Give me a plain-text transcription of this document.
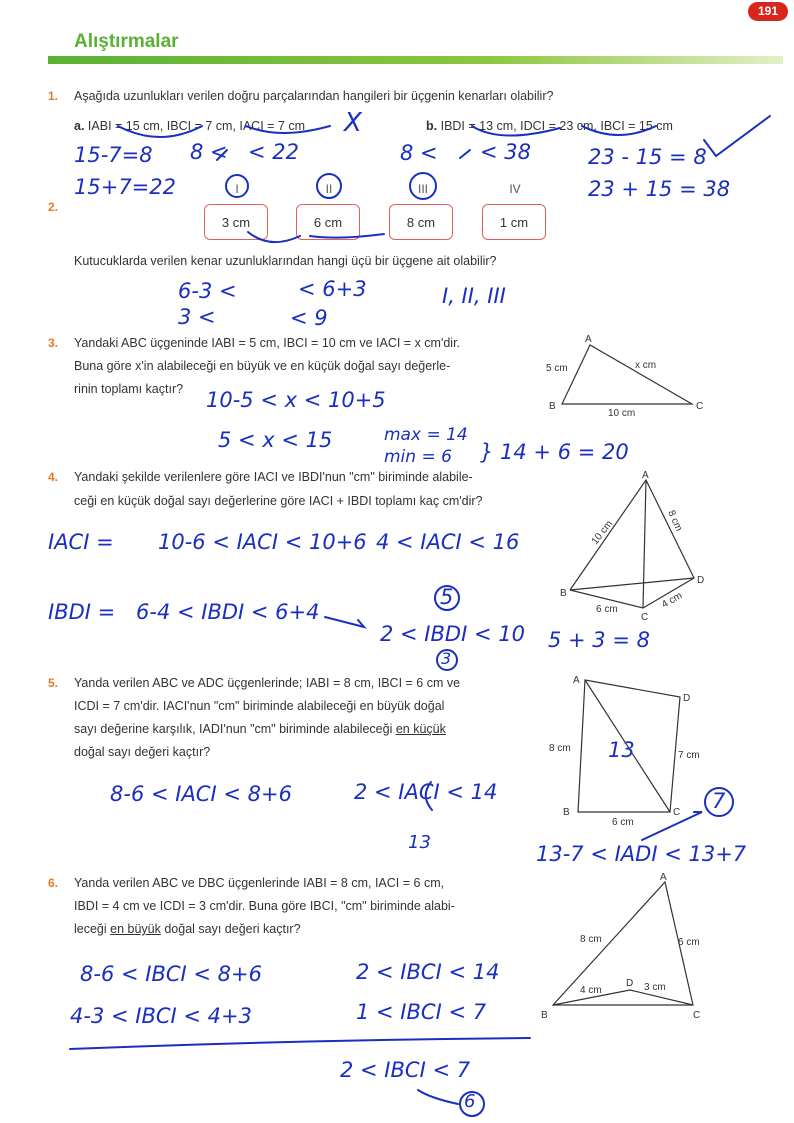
191
Alıştırmalar
1. Aşağıda uzunlukları verilen doğru parçalarından hangileri bir üçgenin kenarları olabilir?
a. IABI = 15 cm, IBCI = 7 cm, IACI = 7 cm	b. IBDI = 13 cm, IDCI = 23 cm, IBCI = 15 cm
2.
I	II	III	IV
3 cm	6 cm	8 cm	1 cm
Kutucuklarda verilen kenar uzunluklarından hangi üçü bir üçgene ait olabilir?
3. Yandaki ABC üçgeninde IABI = 5 cm, IBCI = 10 cm ve IACI = x cm'dir.
Buna göre x'in alabileceği en büyük ve en küçük doğal sayı değerle-
rinin toplamı kaçtır?
4. Yandaki şekilde verilenlere göre IACI ve IBDI'nun "cm" biriminde alabile-
ceği en küçük doğal sayı değerlerine göre IACI + IBDI toplamı kaç cm'dir?
5. Yanda verilen ABC ve ADC üçgenlerinde; IABI = 8 cm, IBCI = 6 cm ve
ICDI = 7 cm'dir. IACI'nun "cm" biriminde alabileceği en büyük doğal
sayı değerine karşılık, IADI'nun "cm" biriminde alabileceği en küçük
doğal sayı değeri kaçtır?
6. Yanda verilen ABC ve DBC üçgenlerinde IABI = 8 cm, IACI = 6 cm,
IBDI = 4 cm ve ICDI = 3 cm'dir. Buna göre IBCI, "cm" biriminde alabi-
leceği en büyük doğal sayı değeri kaçtır?
A
B	C
5 cm	x cm
10 cm
A
B
C
D
10 cm	8 cm
6 cm	4 cm
A
B	C
D
8 cm
6 cm
7 cm
A
B	C
D
8 cm	6 cm
4 cm	3 cm
X
15-7=8 8 < < 22
15+7=22
8 < < 38	23 - 15 = 8
23 + 15 = 38
6-3 <	< 6+3
3 <	< 9
I, II, III
10-5 < x < 10+5
5 < x < 15	max = 14
min = 6 } 14 + 6 = 20
IACI = 10-6 < IACI < 10+6 4 < IACI < 16
5
IBDI = 6-4 < IBDI < 6+4
2 < IBDI < 10
3
5 + 3 = 8
8-6 < IACI < 8+6	2 < IACI < 14
13
13
13-7 < IADI < 13+7
7
8-6 < IBCI < 8+6	2 < IBCI < 14
4-3 < IBCI < 4+3	1 < IBCI < 7
2 < IBCI < 7
6
